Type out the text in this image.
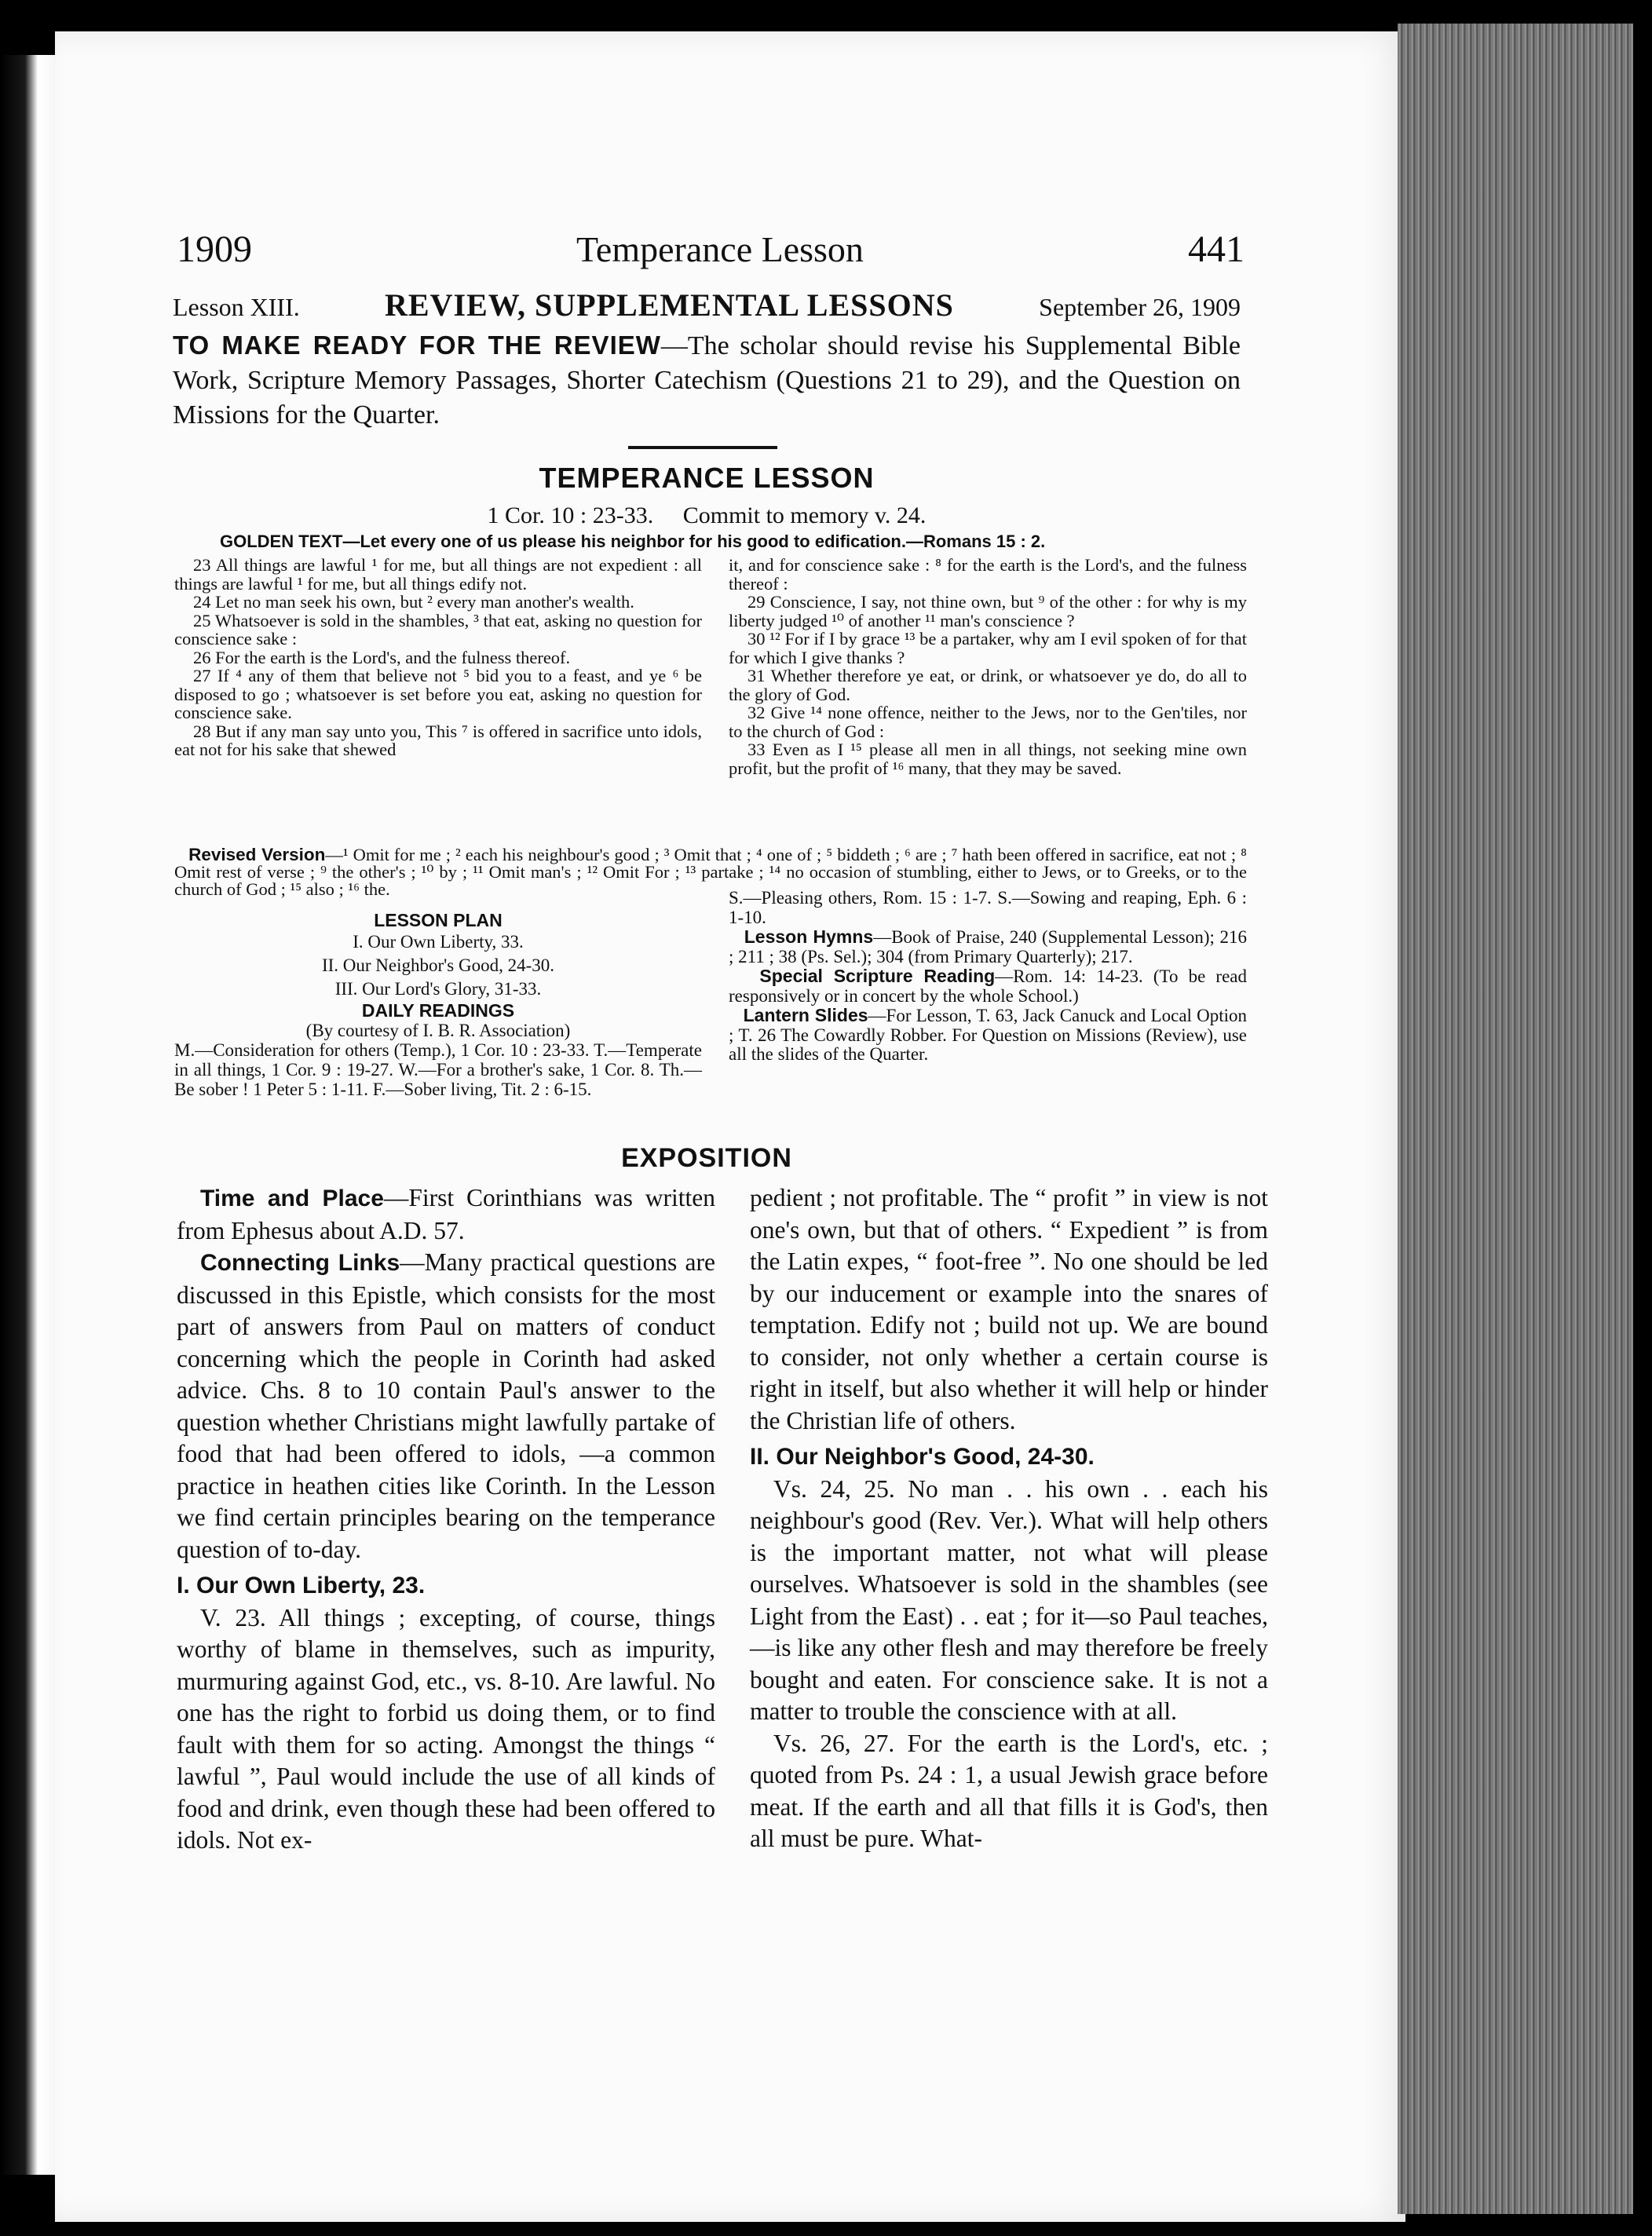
1909	Temperance Lesson	441
Lesson XIII.	REVIEW, SUPPLEMENTAL LESSONS	September 26, 1909
TO MAKE READY FOR THE REVIEW—The scholar should revise his Supplemental Bible Work, Scripture Memory Passages, Shorter Catechism (Questions 21 to 29), and the Question on Missions for the Quarter.
TEMPERANCE LESSON
1 Cor. 10 : 23-33. Commit to memory v. 24.
GOLDEN TEXT—Let every one of us please his neighbor for his good to edification.—Romans 15 : 2.

23 All things are lawful ¹ for me, but all things are not expedient : all things are lawful ¹ for me, but all things edify not.

24 Let no man seek his own, but ² every man another's wealth.

25 Whatsoever is sold in the shambles, ³ that eat, asking no question for conscience sake :

26 For the earth is the Lord's, and the fulness thereof.

27 If ⁴ any of them that believe not ⁵ bid you to a feast, and ye ⁶ be disposed to go ; whatsoever is set before you eat, asking no question for conscience sake.

28 But if any man say unto you, This ⁷ is offered in sacrifice unto idols, eat not for his sake that shewed

it, and for conscience sake : ⁸ for the earth is the Lord's, and the fulness thereof :

29 Conscience, I say, not thine own, but ⁹ of the other : for why is my liberty judged ¹⁰ of another ¹¹ man's conscience ?

30 ¹² For if I by grace ¹³ be a partaker, why am I evil spoken of for that for which I give thanks ?

31 Whether therefore ye eat, or drink, or whatsoever ye do, do all to the glory of God.

32 Give ¹⁴ none offence, neither to the Jews, nor to the Gen'tiles, nor to the church of God :

33 Even as I ¹⁵ please all men in all things, not seeking mine own profit, but the profit of ¹⁶ many, that they may be saved.

Revised Version—¹ Omit for me ; ² each his neighbour's good ; ³ Omit that ; ⁴ one of ; ⁵ biddeth ; ⁶ are ; ⁷ hath been offered in sacrifice, eat not ; ⁸ Omit rest of verse ; ⁹ the other's ; ¹⁰ by ; ¹¹ Omit man's ; ¹² Omit For ; ¹³ partake ; ¹⁴ no occasion of stumbling, either to Jews, or to Greeks, or to the church of God ; ¹⁵ also ; ¹⁶ the.
LESSON PLAN
I. Our Own Liberty, 33.
II. Our Neighbor's Good, 24-30.
III. Our Lord's Glory, 31-33.
DAILY READINGS
(By courtesy of I. B. R. Association)
M.—Consideration for others (Temp.), 1 Cor. 10 : 23-33. T.—Temperate in all things, 1 Cor. 9 : 19-27. W.—For a brother's sake, 1 Cor. 8. Th.—Be sober ! 1 Peter 5 : 1-11. F.—Sober living, Tit. 2 : 6-15.

S.—Pleasing others, Rom. 15 : 1-7. S.—Sowing and reaping, Eph. 6 : 1-10.

Lesson Hymns—Book of Praise, 240 (Supplemental Lesson); 216 ; 211 ; 38 (Ps. Sel.); 304 (from Primary Quarterly); 217.

Special Scripture Reading—Rom. 14: 14-23. (To be read responsively or in concert by the whole School.)

Lantern Slides—For Lesson, T. 63, Jack Canuck and Local Option ; T. 26 The Cowardly Robber. For Question on Missions (Review), use all the slides of the Quarter.

EXPOSITION

Time and Place—First Corinthians was written from Ephesus about A.D. 57.

Connecting Links—Many practical questions are discussed in this Epistle, which consists for the most part of answers from Paul on matters of conduct concerning which the people in Corinth had asked advice. Chs. 8 to 10 contain Paul's answer to the question whether Christians might lawfully partake of food that had been offered to idols, —a common practice in heathen cities like Corinth. In the Lesson we find certain principles bearing on the temperance question of to-day.

I. Our Own Liberty, 23.

V. 23. All things ; excepting, of course, things worthy of blame in themselves, such as impurity, murmuring against God, etc., vs. 8-10. Are lawful. No one has the right to forbid us doing them, or to find fault with them for so acting. Amongst the things “ lawful ”, Paul would include the use of all kinds of food and drink, even though these had been offered to idols. Not ex-

pedient ; not profitable. The “ profit ” in view is not one's own, but that of others. “ Expedient ” is from the Latin expes, “ foot-free ”. No one should be led by our inducement or example into the snares of temptation. Edify not ; build not up. We are bound to consider, not only whether a certain course is right in itself, but also whether it will help or hinder the Christian life of others.

II. Our Neighbor's Good, 24-30.

Vs. 24, 25. No man . . his own . . each his neighbour's good (Rev. Ver.). What will help others is the important matter, not what will please ourselves. Whatsoever is sold in the shambles (see Light from the East) . . eat ; for it—so Paul teaches,—is like any other flesh and may therefore be freely bought and eaten. For conscience sake. It is not a matter to trouble the conscience with at all.

Vs. 26, 27. For the earth is the Lord's, etc. ; quoted from Ps. 24 : 1, a usual Jewish grace before meat. If the earth and all that fills it is God's, then all must be pure. What-
